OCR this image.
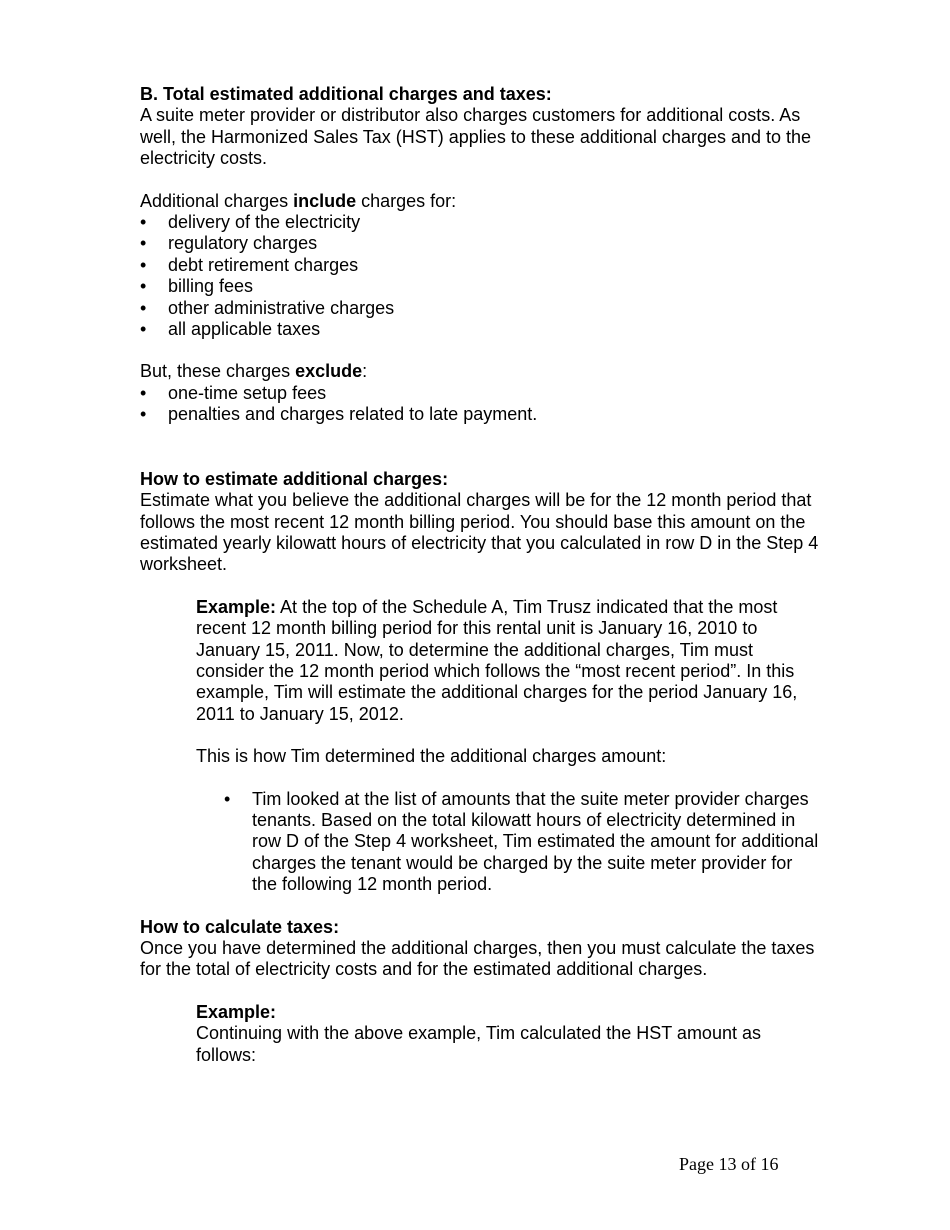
B. Total estimated additional charges and taxes:

A suite meter provider or distributor also charges customers for additional costs. As well, the Harmonized Sales Tax (HST) applies to these additional charges and to the electricity costs.

Additional charges include charges for:

• delivery of the electricity
• regulatory charges
• debt retirement charges
• billing fees
• other administrative charges
• all applicable taxes

But, these charges exclude:

• one-time setup fees
• penalties and charges related to late payment.

How to estimate additional charges:

Estimate what you believe the additional charges will be for the 12 month period that follows the most recent 12 month billing period. You should base this amount on the estimated yearly kilowatt hours of electricity that you calculated in row D in the Step 4 worksheet.

Example: At the top of the Schedule A, Tim Trusz indicated that the most recent 12 month billing period for this rental unit is January 16, 2010 to January 15, 2011. Now, to determine the additional charges, Tim must consider the 12 month period which follows the “most recent period”. In this example, Tim will estimate the additional charges for the period January 16, 2011 to January 15, 2012.

This is how Tim determined the additional charges amount:

• Tim looked at the list of amounts that the suite meter provider charges tenants. Based on the total kilowatt hours of electricity determined in row D of the Step 4 worksheet, Tim estimated the amount for additional charges the tenant would be charged by the suite meter provider for the following 12 month period.

How to calculate taxes:

Once you have determined the additional charges, then you must calculate the taxes for the total of electricity costs and for the estimated additional charges.

Example:

Continuing with the above example, Tim calculated the HST amount as follows:

Page 13 of 16
